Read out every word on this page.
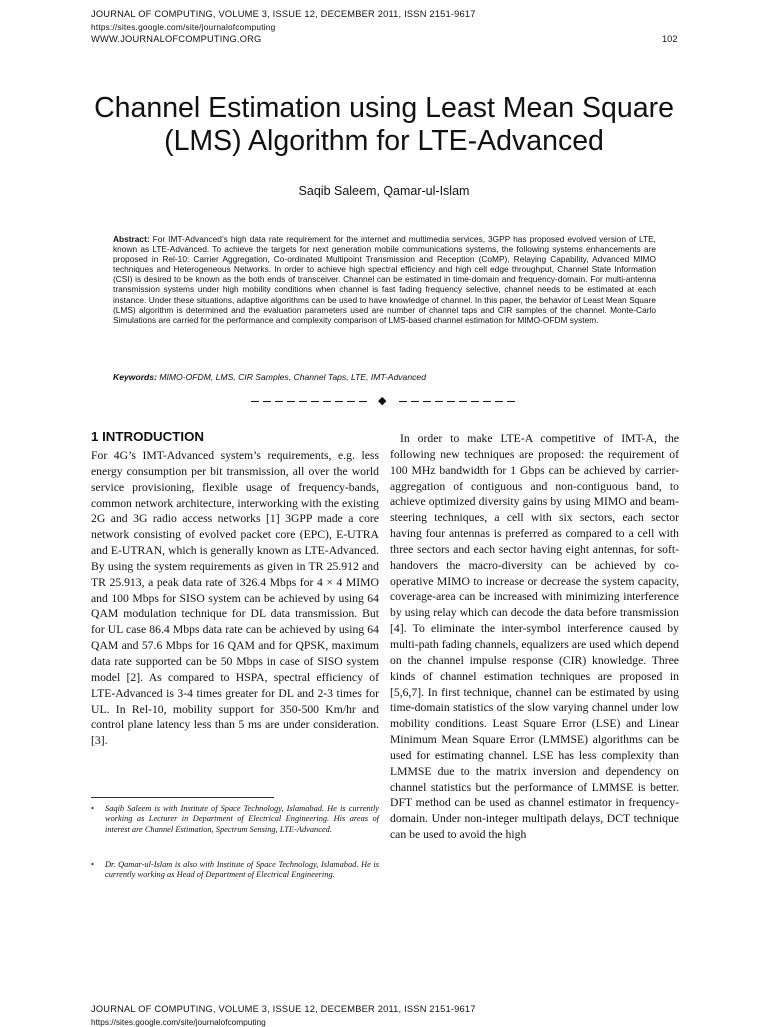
JOURNAL OF COMPUTING, VOLUME 3, ISSUE 12, DECEMBER 2011, ISSN 2151-9617
https://sites.google.com/site/journalofcomputing
WWW.JOURNALOFCOMPUTING.ORG	102
Channel Estimation using Least Mean Square
(LMS) Algorithm for LTE-Advanced
Saqib Saleem, Qamar-ul-Islam
Abstract: For IMT-Advanced’s high data rate requirement for the internet and multimedia services, 3GPP has proposed evolved version of LTE, known as LTE-Advanced. To achieve the targets for next generation mobile communications systems, the following systems enhancements are proposed in Rel-10: Carrier Aggregation, Co-ordinated Multipoint Transmission and Reception (CoMP), Relaying Capability, Advanced MIMO techniques and Heterogeneous Networks. In order to achieve high spectral efficiency and high cell edge throughput, Channel State Information (CSI) is desired to be known as the both ends of transceiver. Channel can be estimated in time-domain and frequency-domain. For multi-antenna transmission systems under high mobility conditions when channel is fast fading frequency selective, channel needs to be estimated at each instance. Under these situations, adaptive algorithms can be used to have knowledge of channel. In this paper, the behavior of Least Mean Square (LMS) algorithm is determined and the evaluation parameters used are number of channel taps and CIR samples of the channel. Monte-Carlo Simulations are carried for the performance and complexity comparison of LMS-based channel estimation for MIMO-OFDM system.
Keywords: MIMO-OFDM, LMS, CIR Samples, Channel Taps, LTE, IMT-Advanced
◆
1 INTRODUCTION

For 4G’s IMT-Advanced system’s requirements, e.g. less energy consumption per bit transmission, all over the world service provisioning, flexible usage of frequency-bands, common network architecture, interworking with the existing 2G and 3G radio access networks [1] 3GPP made a core network consisting of evolved packet core (EPC), E-UTRA and E-UTRAN, which is generally known as LTE-Advanced. By using the system requirements as given in TR 25.912 and TR 25.913, a peak data rate of 326.4 Mbps for 4 × 4 MIMO and 100 Mbps for SISO system can be achieved by using 64 QAM modulation technique for DL data transmission. But for UL case 86.4 Mbps data rate can be achieved by using 64 QAM and 57.6 Mbps for 16 QAM and for QPSK, maximum data rate supported can be 50 Mbps in case of SISO system model [2]. As compared to HSPA, spectral efficiency of LTE-Advanced is 3-4 times greater for DL and 2-3 times for UL. In Rel-10, mobility support for 350-500 Km/hr and control plane latency less than 5 ms are under consideration. [3].

In order to make LTE-A competitive of IMT-A, the following new techniques are proposed: the requirement of 100 MHz bandwidth for 1 Gbps can be achieved by carrier-aggregation of contiguous and non-contiguous band, to achieve optimized diversity gains by using MIMO and beam-steering techniques, a cell with six sectors, each sector having four antennas is preferred as compared to a cell with three sectors and each sector having eight antennas, for soft-handovers the macro-diversity can be achieved by co-operative MIMO to increase or decrease the system capacity, coverage-area can be increased with minimizing interference by using relay which can decode the data before transmission [4]. To eliminate the inter-symbol interference caused by multi-path fading channels, equalizers are used which depend on the channel impulse response (CIR) knowledge. Three kinds of channel estimation techniques are proposed in [5,6,7]. In first technique, channel can be estimated by using time-domain statistics of the slow varying channel under low mobility conditions. Least Square Error (LSE) and Linear Minimum Mean Square Error (LMMSE) algorithms can be used for estimating channel. LSE has less complexity than LMMSE due to the matrix inversion and dependency on channel statistics but the performance of LMMSE is better. DFT method can be used as channel estimator in frequency-domain. Under non-integer multipath delays, DCT technique can be used to avoid the high

• Saqib Saleem is with Institute of Space Technology, Islamabad. He is currently working as Lecturer in Department of Electrical Engineering. His areas of interest are Channel Estimation, Spectrum Sensing, LTE-Advanced.
• Dr. Qamar-ul-Islam is also with Institute of Space Technology, Islamabad. He is currently working as Head of Department of Electrical Engineering.
JOURNAL OF COMPUTING, VOLUME 3, ISSUE 12, DECEMBER 2011, ISSN 2151-9617
https://sites.google.com/site/journalofcomputing
